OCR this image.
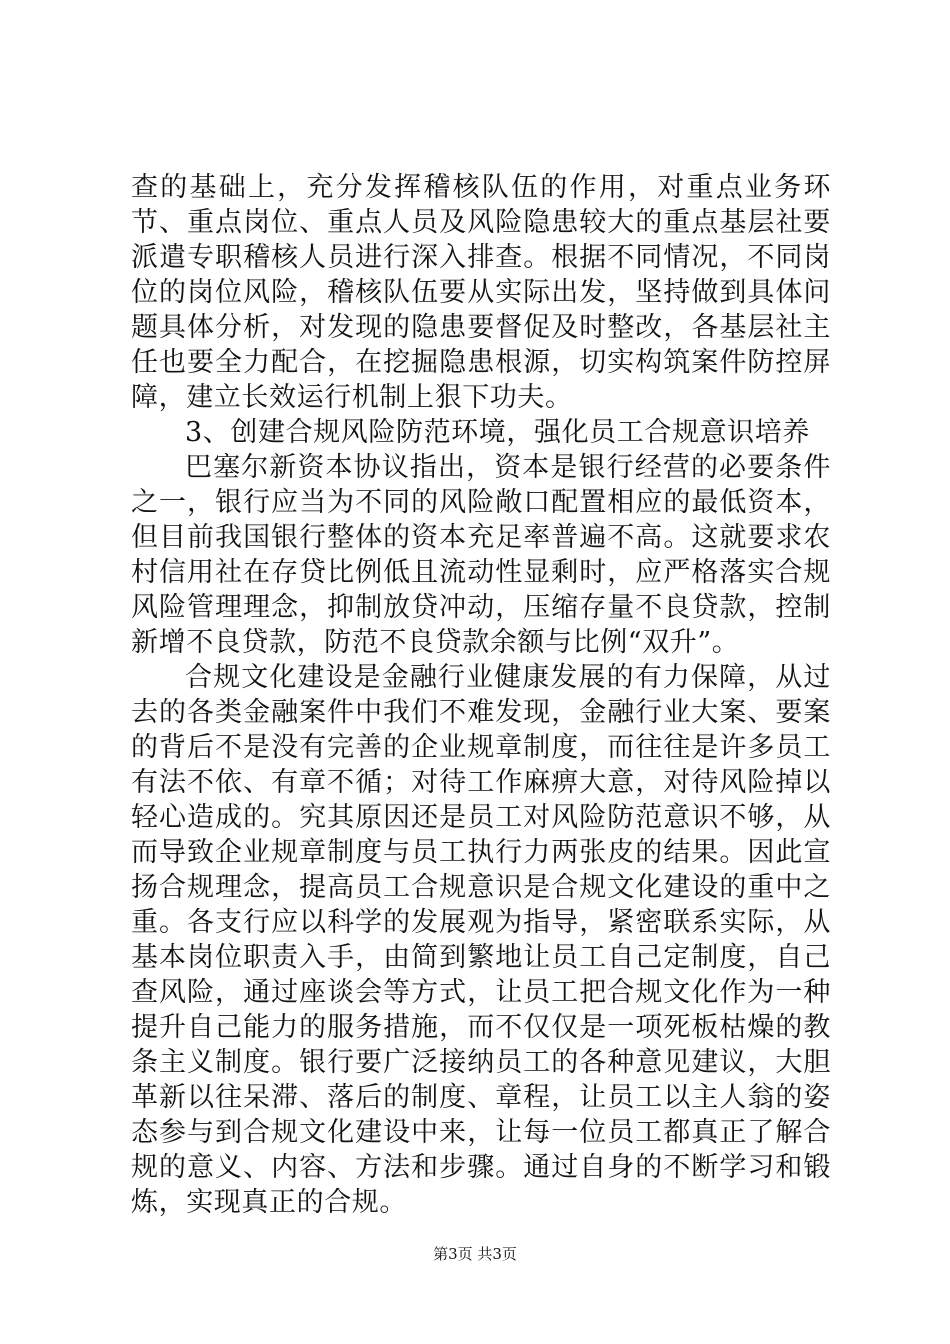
查的基础上，充分发挥稽核队伍的作用，对重点业务环节、重点岗位、重点人员及风险隐患较大的重点基层社要派遣专职稽核人员进行深入排查。根据不同情况，不同岗位的岗位风险，稽核队伍要从实际出发，坚持做到具体问题具体分析，对发现的隐患要督促及时整改，各基层社主任也要全力配合，在挖掘隐患根源，切实构筑案件防控屏障，建立长效运行机制上狠下功夫。

3、创建合规风险防范环境，强化员工合规意识培养

巴塞尔新资本协议指出，资本是银行经营的必要条件之一，银行应当为不同的风险敞口配置相应的最低资本，但目前我国银行整体的资本充足率普遍不高。这就要求农村信用社在存贷比例低且流动性显剩时，应严格落实合规风险管理理念，抑制放贷冲动，压缩存量不良贷款，控制新增不良贷款，防范不良贷款余额与比例“双升”。

合规文化建设是金融行业健康发展的有力保障，从过去的各类金融案件中我们不难发现，金融行业大案、要案的背后不是没有完善的企业规章制度，而往往是许多员工有法不依、有章不循；对待工作麻痹大意，对待风险掉以轻心造成的。究其原因还是员工对风险防范意识不够，从而导致企业规章制度与员工执行力两张皮的结果。因此宣扬合规理念，提高员工合规意识是合规文化建设的重中之重。各支行应以科学的发展观为指导，紧密联系实际，从基本岗位职责入手，由简到繁地让员工自己定制度，自己查风险，通过座谈会等方式，让员工把合规文化作为一种提升自己能力的服务措施，而不仅仅是一项死板枯燥的教条主义制度。银行要广泛接纳员工的各种意见建议，大胆革新以往呆滞、落后的制度、章程，让员工以主人翁的姿态参与到合规文化建设中来，让每一位员工都真正了解合规的意义、内容、方法和步骤。通过自身的不断学习和锻炼，实现真正的合规。

第3页 共3页
